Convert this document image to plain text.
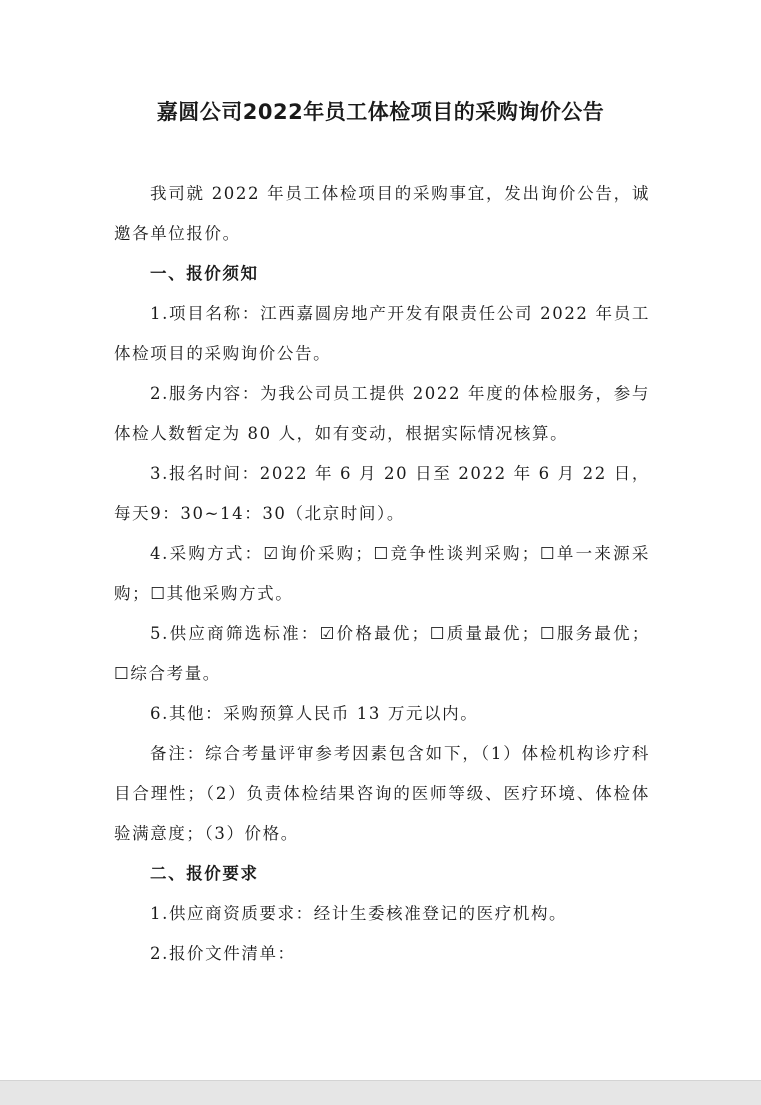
嘉圆公司2022年员工体检项目的采购询价公告

我司就 2022 年员工体检项目的采购事宜，发出询价公告，诚邀各单位报价。

一、报价须知

1.项目名称：江西嘉圆房地产开发有限责任公司 2022 年员工体检项目的采购询价公告。

2.服务内容：为我公司员工提供 2022 年度的体检服务，参与体检人数暂定为 80 人，如有变动，根据实际情况核算。

3.报名时间：2022 年 6 月 20 日至 2022 年 6 月 22 日，每天9：30~14：30（北京时间）。

4.采购方式：☑询价采购；☐竞争性谈判采购；☐单一来源采购；☐其他采购方式。

5.供应商筛选标准：☑价格最优；☐质量最优；☐服务最优；☐综合考量。

6.其他：采购预算人民币 13 万元以内。

备注：综合考量评审参考因素包含如下，（1）体检机构诊疗科目合理性；（2）负责体检结果咨询的医师等级、医疗环境、体检体验满意度；（3）价格。

二、报价要求

1.供应商资质要求：经计生委核准登记的医疗机构。

2.报价文件清单：
